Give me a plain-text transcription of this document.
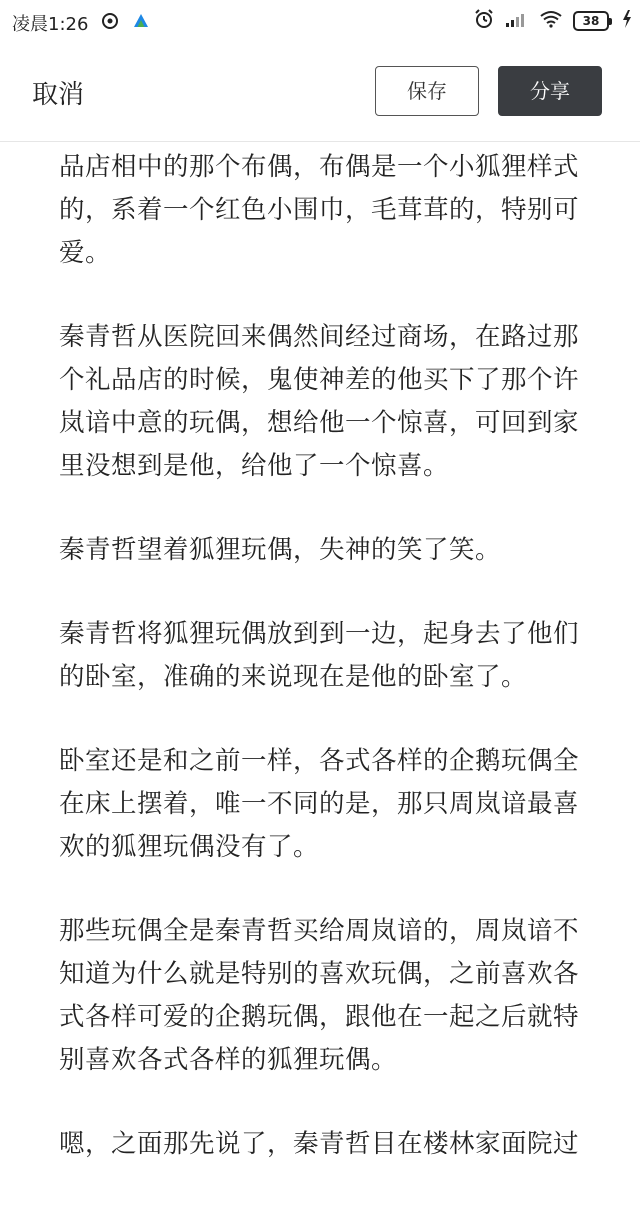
凌晨1:26	38
取消	保存	分享

品店相中的那个布偶，布偶是一个小狐狸样式的，系着一个红色小围巾，毛茸茸的，特别可爱。

秦青哲从医院回来偶然间经过商场，在路过那个礼品店的时候，鬼使神差的他买下了那个许岚谙中意的玩偶，想给他一个惊喜，可回到家里没想到是他，给他了一个惊喜。

秦青哲望着狐狸玩偶，失神的笑了笑。

秦青哲将狐狸玩偶放到到一边，起身去了他们的卧室，准确的来说现在是他的卧室了。

卧室还是和之前一样，各式各样的企鹅玩偶全在床上摆着，唯一不同的是，那只周岚谙最喜欢的狐狸玩偶没有了。

那些玩偶全是秦青哲买给周岚谙的，周岚谙不知道为什么就是特别的喜欢玩偶，之前喜欢各式各样可爱的企鹅玩偶，跟他在一起之后就特别喜欢各式各样的狐狸玩偶。

嗯，之面那先说了，秦青哲目在楼林家面院过
